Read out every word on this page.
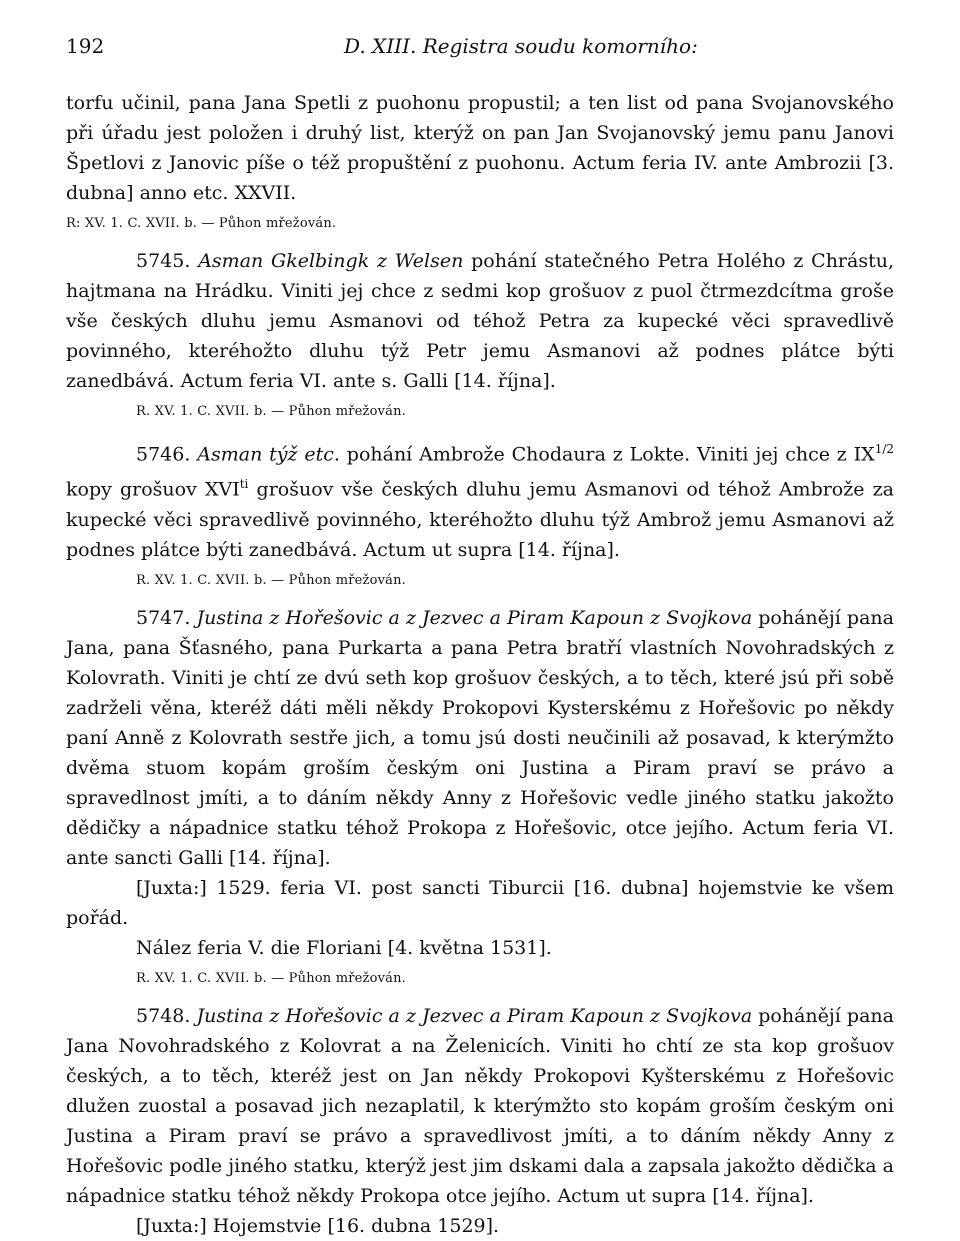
192	D. XIII. Registra soudu komorního:

torfu učinil, pana Jana Spetli z puohonu propustil; a ten list od pana Svojanovského při úřadu jest položen i druhý list, kterýž on pan Jan Svojanovský jemu panu Janovi Špetlovi z Janovic píše o též propuštění z puohonu. Actum feria IV. ante Ambrozii [3. dubna] anno etc. XXVII.

R: XV. 1. C. XVII. b. — Půhon mřežován.

5745. Asman Gkelbingk z Welsen pohání statečného Petra Holého z Chrástu, hajtmana na Hrádku. Viniti jej chce z sedmi kop grošuov z puol čtrmezdcítma groše vše českých dluhu jemu Asmanovi od téhož Petra za kupecké věci spravedlivě povinného, kteréhožto dluhu týž Petr jemu Asmanovi až podnes plátce býti zanedbává. Actum feria VI. ante s. Galli [14. října].

R. XV. 1. C. XVII. b. — Půhon mřežován.

5746. Asman týž etc. pohání Ambrože Chodaura z Lokte. Viniti jej chce z $IX^{1/2}$ kopy grošuov $XVI^{ti}$ grošuov vše českých dluhu jemu Asmanovi od téhož Ambrože za kupecké věci spravedlivě povinného, kteréhožto dluhu týž Ambrož jemu Asmanovi až podnes plátce býti zanedbává. Actum ut supra [14. října].

R. XV. 1. C. XVII. b. — Půhon mřežován.

5747. Justina z Hořešovic a z Jezvec a Piram Kapoun z Svojkova pohánějí pana Jana, pana Šťasného, pana Purkarta a pana Petra bratří vlastních Novohradských z Kolovrath. Viniti je chtí ze dvú seth kop grošuov českých, a to těch, které jsú při sobě zadrželi věna, kteréž dáti měli někdy Prokopovi Kysterskému z Hořešovic po někdy paní Anně z Kolovrath sestře jich, a tomu jsú dosti neučinili až posavad, k kterýmžto dvěma stuom kopám groším českým oni Justina a Piram praví se právo a spravedlnost jmíti, a to dáním někdy Anny z Hořešovic vedle jiného statku jakožto dědičky a nápadnice statku téhož Prokopa z Hořešovic, otce jejího. Actum feria VI. ante sancti Galli [14. října].

[Juxta:] 1529. feria VI. post sancti Tiburcii [16. dubna] hojemstvie ke všem pořád.

Nález feria V. die Floriani [4. května 1531].

R. XV. 1. C. XVII. b. — Půhon mřežován.

5748. Justina z Hořešovic a z Jezvec a Piram Kapoun z Svojkova pohánějí pana Jana Novohradského z Kolovrat a na Želenicích. Viniti ho chtí ze sta kop grošuov českých, a to těch, kteréž jest on Jan někdy Prokopovi Kyšterskému z Hořešovic dlužen zuostal a posavad jich nezaplatil, k kterýmžto sto kopám groším českým oni Justina a Piram praví se právo a spravedlivost jmíti, a to dáním někdy Anny z Hořešovic podle jiného statku, kterýž jest jim dskami dala a zapsala jakožto dědička a nápadnice statku téhož někdy Prokopa otce jejího. Actum ut supra [14. října].

[Juxta:] Hojemstvie [16. dubna 1529].
